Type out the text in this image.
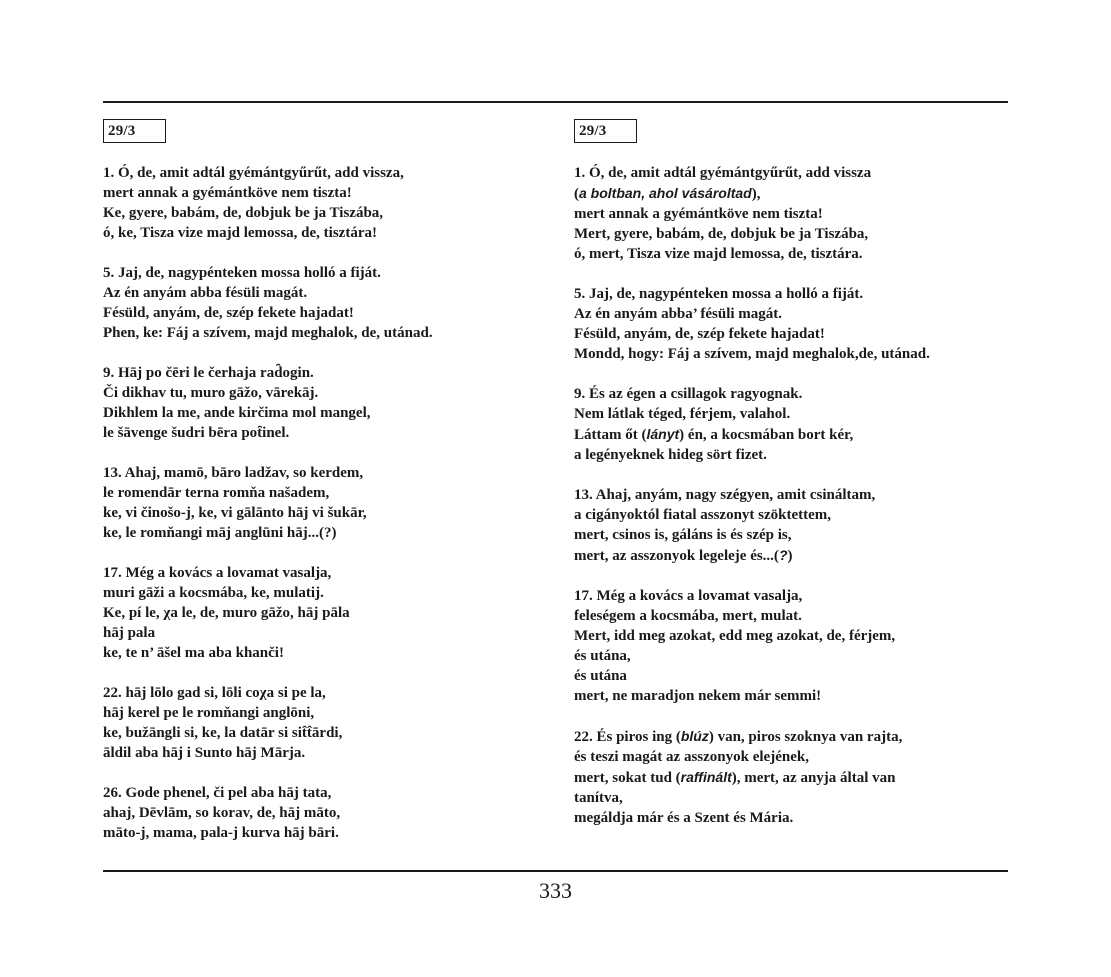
29/3
1. Ó, de, amit adtál gyémántgyűrűt, add vissza,
mert annak a gyémántköve nem tiszta!
Ke, gyere, babám, de, dobjuk be ja Tiszába,
ó, ke, Tisza vize majd lemossa, de, tisztára!
5. Jaj, de, nagypénteken mossa holló a fiját.
Az én anyám abba fésüli magát.
Fésüld, anyám, de, szép fekete hajadat!
Phen, ke: Fáj a szívem, majd meghalok, de, utánad.
9. Hāj po čēri le čerhaja rad̑ogin.
Či dikhav tu, muro gāžo, vārekāj.
Dikhlem la me, ande kirčima mol mangel,
le šāvenge šudri bēra pot̑inel.
13. Ahaj, mamō, bāro ladžav, so kerdem,
le romendār terna romňa našadem,
ke, vi činošo-j, ke, vi gālānto hāj vi šukār,
ke, le romňangi māj anglūni hāj...(?)
17. Még a kovács a lovamat vasalja,
muri gāži a kocsmába, ke, mulatij.
Ke, pí le, χa le, de, muro gāžo, hāj pāla
hāj pala
ke, te n’ āšel ma aba khanči!
22. hāj lōlo gad si, lōli coχa si pe la,
hāj kerel pe le romňangi anglōni,
ke, bužāngli si, ke, la datār si sit̂t̂ārdi,
āldil aba hāj i Sunto hāj Mārja.
26. Gode phenel, či pel aba hāj tata,
ahaj, Dēvlām, so korav, de, hāj māto,
māto-j, mama, pala-j kurva hāj bāri.
29/3
1. Ó, de, amit adtál gyémántgyűrűt, add vissza
(a boltban, ahol vásároltad),
mert annak a gyémántköve nem tiszta!
Mert, gyere, babám, de, dobjuk be ja Tiszába,
ó, mert, Tisza vize majd lemossa, de, tisztára.
5. Jaj, de, nagypénteken mossa a holló a fiját.
Az én anyám abba’ fésüli magát.
Fésüld, anyám, de, szép fekete hajadat!
Mondd, hogy: Fáj a szívem, majd meghalok,de, utánad.
9. És az égen a csillagok ragyognak.
Nem látlak téged, férjem, valahol.
Láttam őt (lányt) én, a kocsmában bort kér,
a legényeknek hideg sört fizet.
13. Ahaj, anyám, nagy szégyen, amit csináltam,
a cigányoktól fiatal asszonyt szöktettem,
mert, csinos is, gáláns is és szép is,
mert, az asszonyok legeleje és...(?)
17. Még a kovács a lovamat vasalja,
feleségem a kocsmába, mert, mulat.
Mert, idd meg azokat, edd meg azokat, de, férjem,
és utána,
és utána
mert, ne maradjon nekem már semmi!
22. És piros ing (blúz) van, piros szoknya van rajta,
és teszi magát az asszonyok elejének,
mert, sokat tud (raffinált), mert, az anyja által van
tanítva,
megáldja már és a Szent és Mária.
333
